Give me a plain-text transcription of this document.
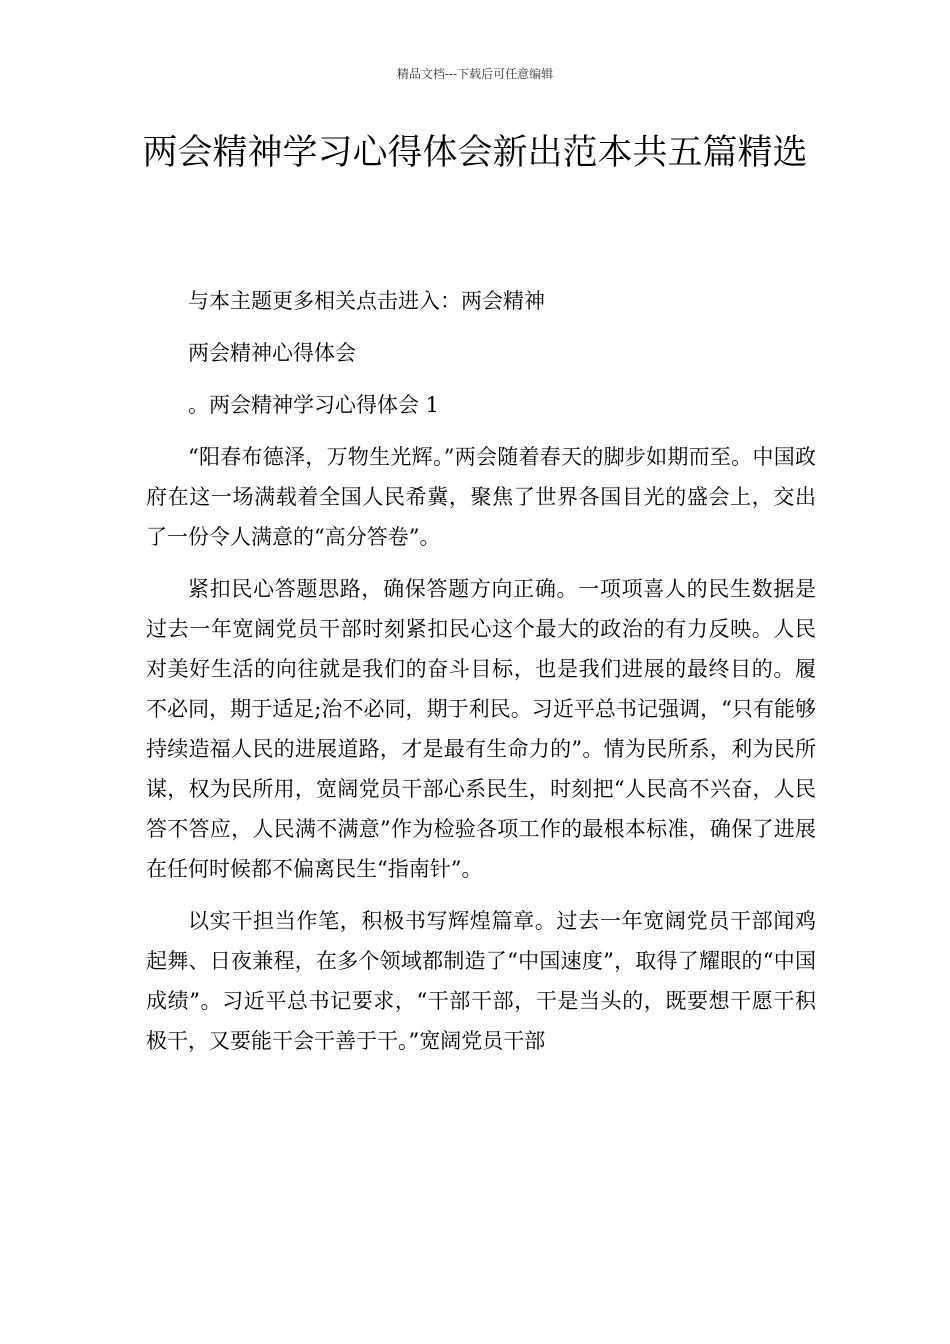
精品文档---下载后可任意编辑
两会精神学习心得体会新出范本共五篇精选

与本主题更多相关点击进入：两会精神

两会精神心得体会

。两会精神学习心得体会 1

“阳春布德泽，万物生光辉。”两会随着春天的脚步如期而至。中国政府在这一场满载着全国人民希冀，聚焦了世界各国目光的盛会上，交出了一份令人满意的“高分答卷”。

紧扣民心答题思路，确保答题方向正确。一项项喜人的民生数据是过去一年宽阔党员干部时刻紧扣民心这个最大的政治的有力反映。人民对美好生活的向往就是我们的奋斗目标，也是我们进展的最终目的。履不必同，期于适足;治不必同，期于利民。习近平总书记强调，“只有能够持续造福人民的进展道路，才是最有生命力的”。情为民所系，利为民所谋，权为民所用，宽阔党员干部心系民生，时刻把“人民高不兴奋，人民答不答应，人民满不满意”作为检验各项工作的最根本标准，确保了进展在任何时候都不偏离民生“指南针”。

以实干担当作笔，积极书写辉煌篇章。过去一年宽阔党员干部闻鸡起舞、日夜兼程，在多个领域都制造了“中国速度”，取得了耀眼的“中国成绩”。习近平总书记要求，“干部干部，干是当头的，既要想干愿干积极干，又要能干会干善于干。”宽阔党员干部
